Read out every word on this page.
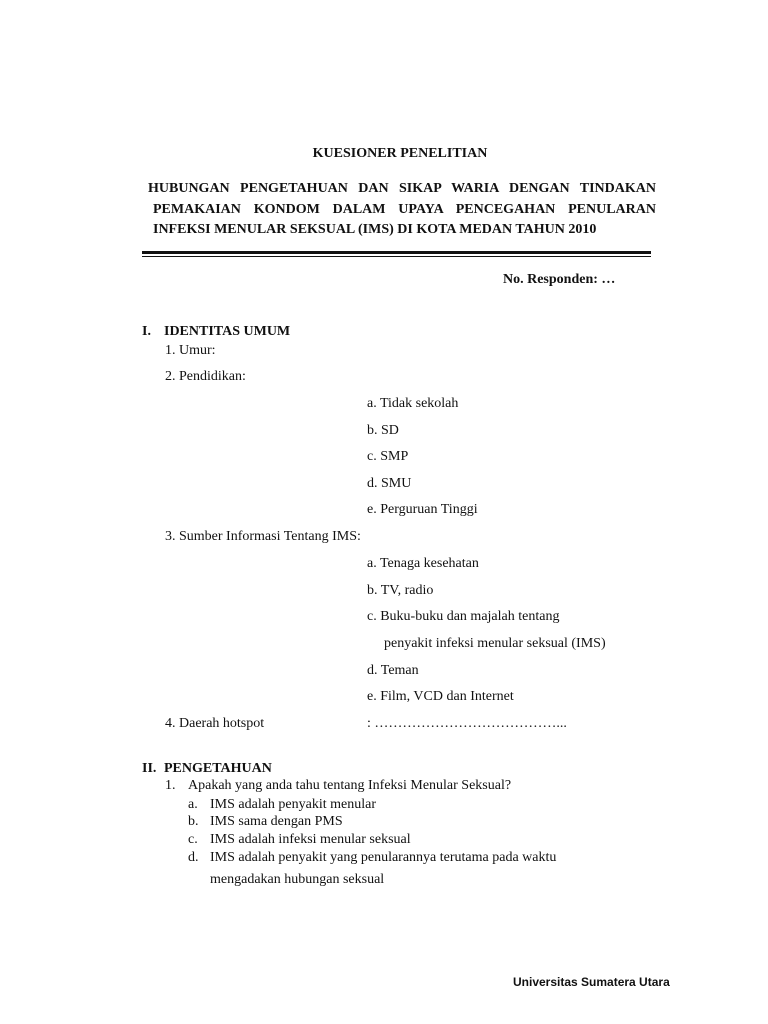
KUESIONER PENELITIAN
HUBUNGAN PENGETAHUAN DAN SIKAP WARIA DENGAN TINDAKAN
PEMAKAIAN KONDOM DALAM UPAYA PENCEGAHAN PENULARAN
INFEKSI MENULAR SEKSUAL (IMS) DI KOTA MEDAN TAHUN 2010
No. Responden: …
I. IDENTITAS UMUM
1. Umur:
2. Pendidikan:
a. Tidak sekolah
b. SD
c. SMP
d. SMU
e. Perguruan Tinggi
3. Sumber Informasi Tentang IMS:
a. Tenaga kesehatan
b. TV, radio
c. Buku-buku dan majalah tentang
penyakit infeksi menular seksual (IMS)
d. Teman
e. Film, VCD dan Internet
4. Daerah hotspot	: …………………………………...
II. PENGETAHUAN
1. Apakah yang anda tahu tentang Infeksi Menular Seksual?
a. IMS adalah penyakit menular
b. IMS sama dengan PMS
c. IMS adalah infeksi menular seksual
d. IMS adalah penyakit yang penularannya terutama pada waktu
mengadakan hubungan seksual
Universitas Sumatera Utara
